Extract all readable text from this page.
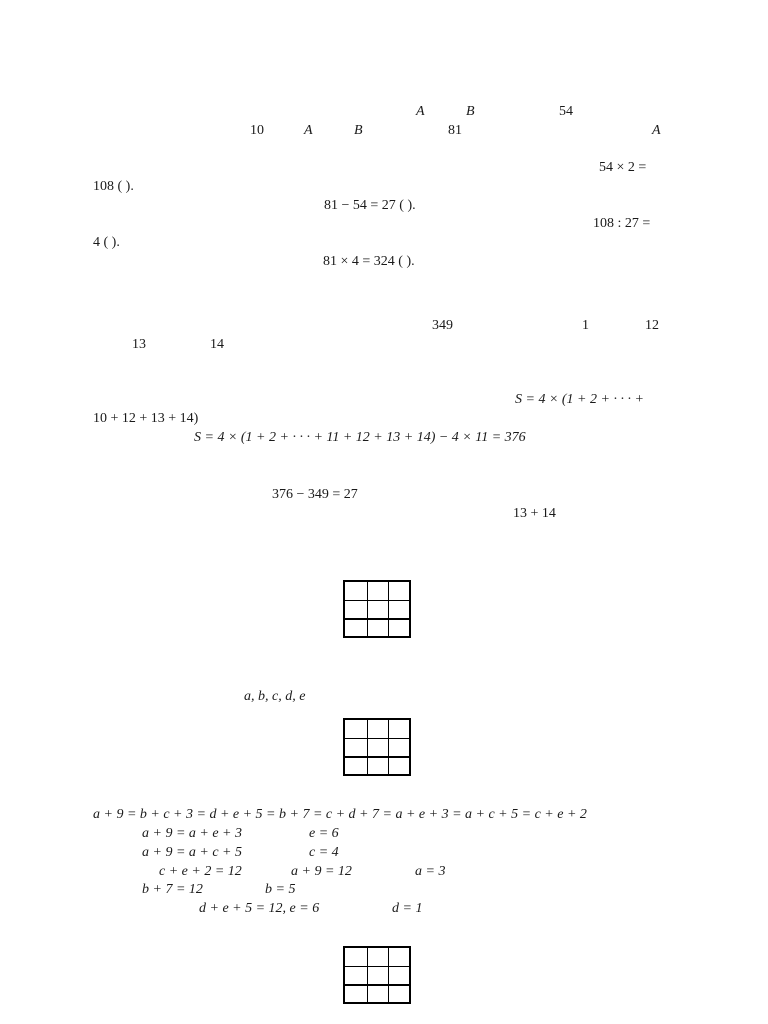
A	B	54
10	A	B	81	A
54 × 2 =
108 ( ).
81 − 54 = 27 ( ).
108 : 27 =
4 ( ).
81 × 4 = 324 ( ).
349	1	12
13	14
S = 4 × (1 + 2 + · · · +
10 + 12 + 13 + 14)
S = 4 × (1 + 2 + · · · + 11 + 12 + 13 + 14) − 4 × 11 = 376
376 − 349 = 27
13 + 14
a, b, c, d, e
a + 9 = b + c + 3 = d + e + 5 = b + 7 = c + d + 7 = a + e + 3 = a + c + 5 = c + e + 2
a + 9 = a + e + 3	e = 6
a + 9 = a + c + 5	c = 4
c + e + 2 = 12	a + 9 = 12	a = 3
b + 7 = 12	b = 5
d + e + 5 = 12, e = 6	d = 1
